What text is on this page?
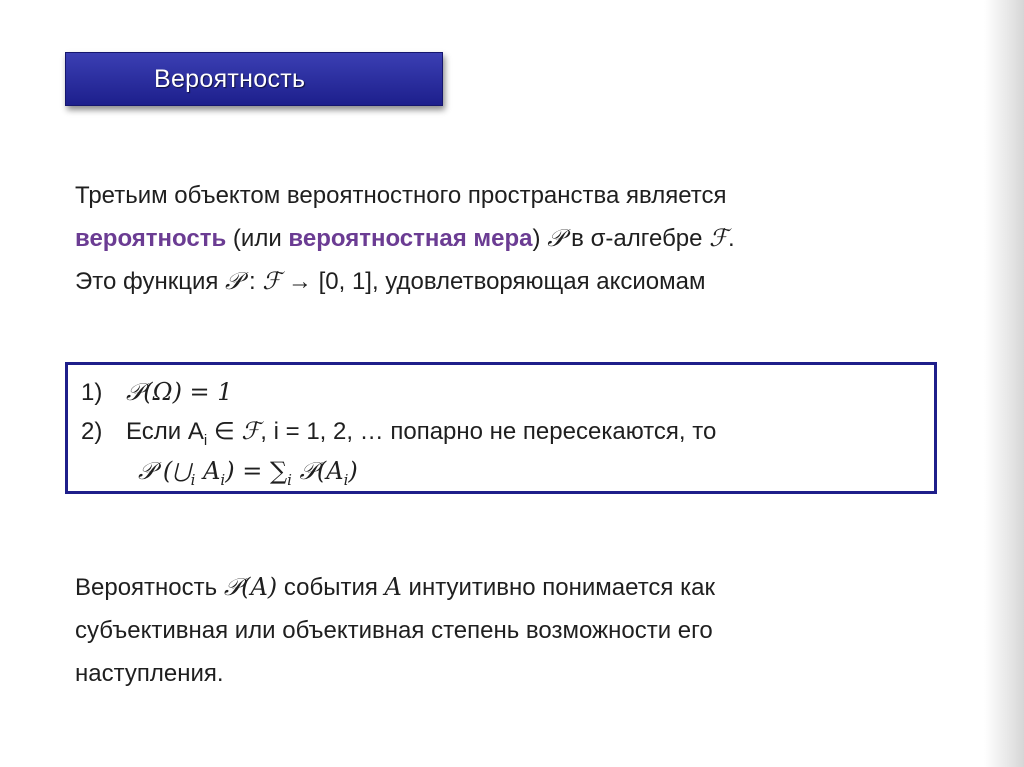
Вероятность
Третьим объектом вероятностного пространства является
вероятность (или вероятностная мера) 𝒫 в σ-алгебре ℱ.
Это функция 𝒫 : ℱ → [0, 1], удовлетворяющая аксиомам
1) 𝒫(Ω) = 1
2) Если $A_i$ ∈ ℱ, i = 1, 2, … попарно не пересекаются, то
𝒫 ($⋃_i$ $A_i) = \sum_i$ $𝒫(A_i)$
Вероятность 𝒫(A) события A интуитивно понимается как
субъективная или объективная степень возможности его
наступления.
